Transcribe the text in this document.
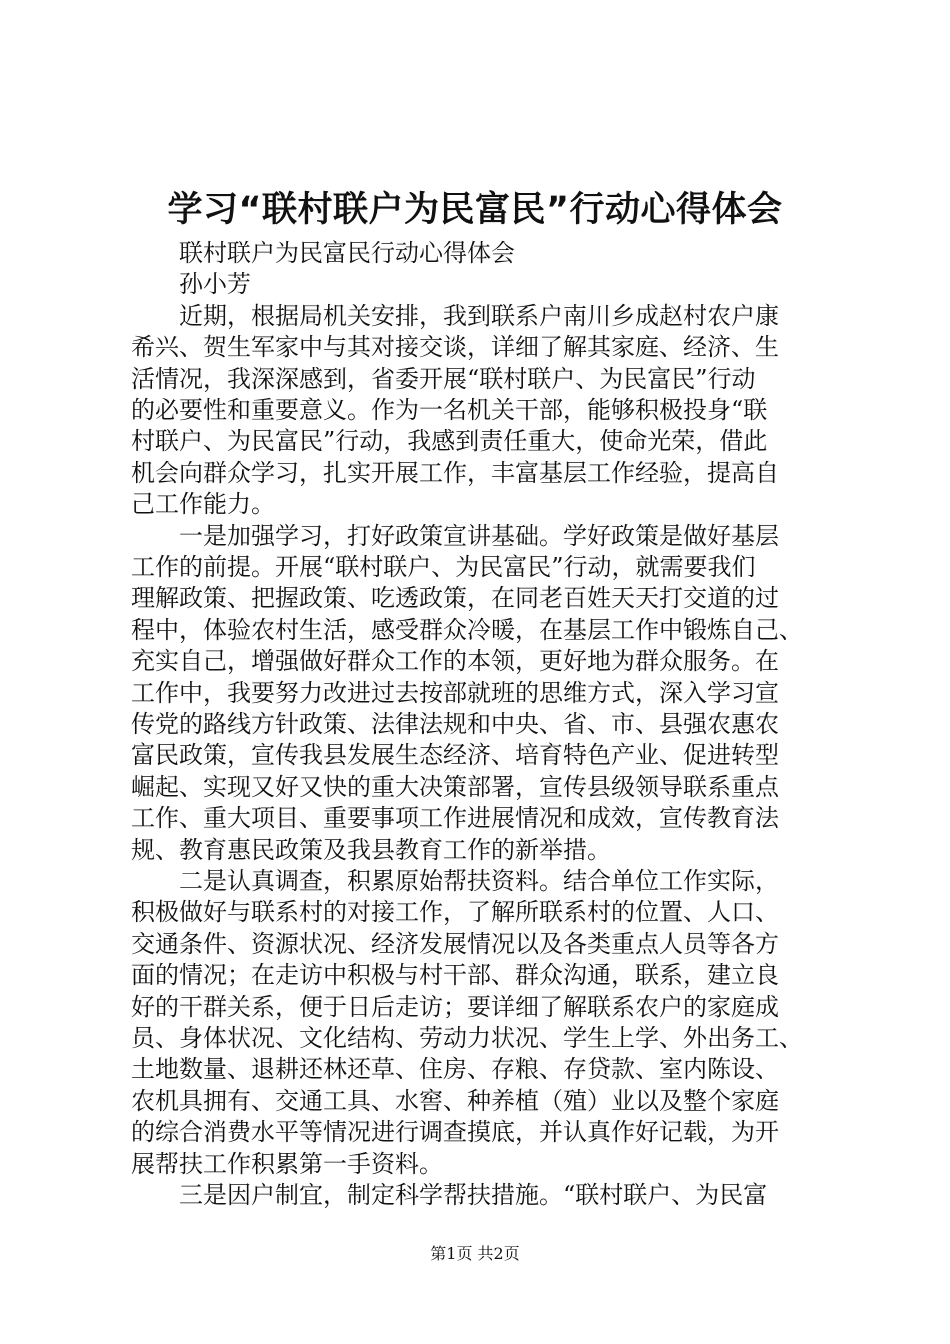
学习“联村联户为民富民”行动心得体会
　　联村联户为民富民行动心得体会
　　孙小芳
　　近期，根据局机关安排，我到联系户南川乡成赵村农户康
希兴、贺生军家中与其对接交谈，详细了解其家庭、经济、生
活情况，我深深感到，省委开展“联村联户、为民富民”行动
的必要性和重要意义。作为一名机关干部，能够积极投身“联
村联户、为民富民”行动，我感到责任重大，使命光荣，借此
机会向群众学习，扎实开展工作，丰富基层工作经验，提高自
己工作能力。
　　一是加强学习，打好政策宣讲基础。学好政策是做好基层
工作的前提。开展“联村联户、为民富民”行动，就需要我们
理解政策、把握政策、吃透政策，在同老百姓天天打交道的过
程中，体验农村生活，感受群众冷暖，在基层工作中锻炼自己、
充实自己，增强做好群众工作的本领，更好地为群众服务。在
工作中，我要努力改进过去按部就班的思维方式，深入学习宣
传党的路线方针政策、法律法规和中央、省、市、县强农惠农
富民政策，宣传我县发展生态经济、培育特色产业、促进转型
崛起、实现又好又快的重大决策部署，宣传县级领导联系重点
工作、重大项目、重要事项工作进展情况和成效，宣传教育法
规、教育惠民政策及我县教育工作的新举措。
　　二是认真调查，积累原始帮扶资料。结合单位工作实际，
积极做好与联系村的对接工作，了解所联系村的位置、人口、
交通条件、资源状况、经济发展情况以及各类重点人员等各方
面的情况；在走访中积极与村干部、群众沟通，联系，建立良
好的干群关系，便于日后走访；要详细了解联系农户的家庭成
员、身体状况、文化结构、劳动力状况、学生上学、外出务工、
土地数量、退耕还林还草、住房、存粮、存贷款、室内陈设、
农机具拥有、交通工具、水窖、种养植（殖）业以及整个家庭
的综合消费水平等情况进行调查摸底，并认真作好记载，为开
展帮扶工作积累第一手资料。
第1页 共2页
　　三是因户制宜，制定科学帮扶措施。“联村联户、为民富
